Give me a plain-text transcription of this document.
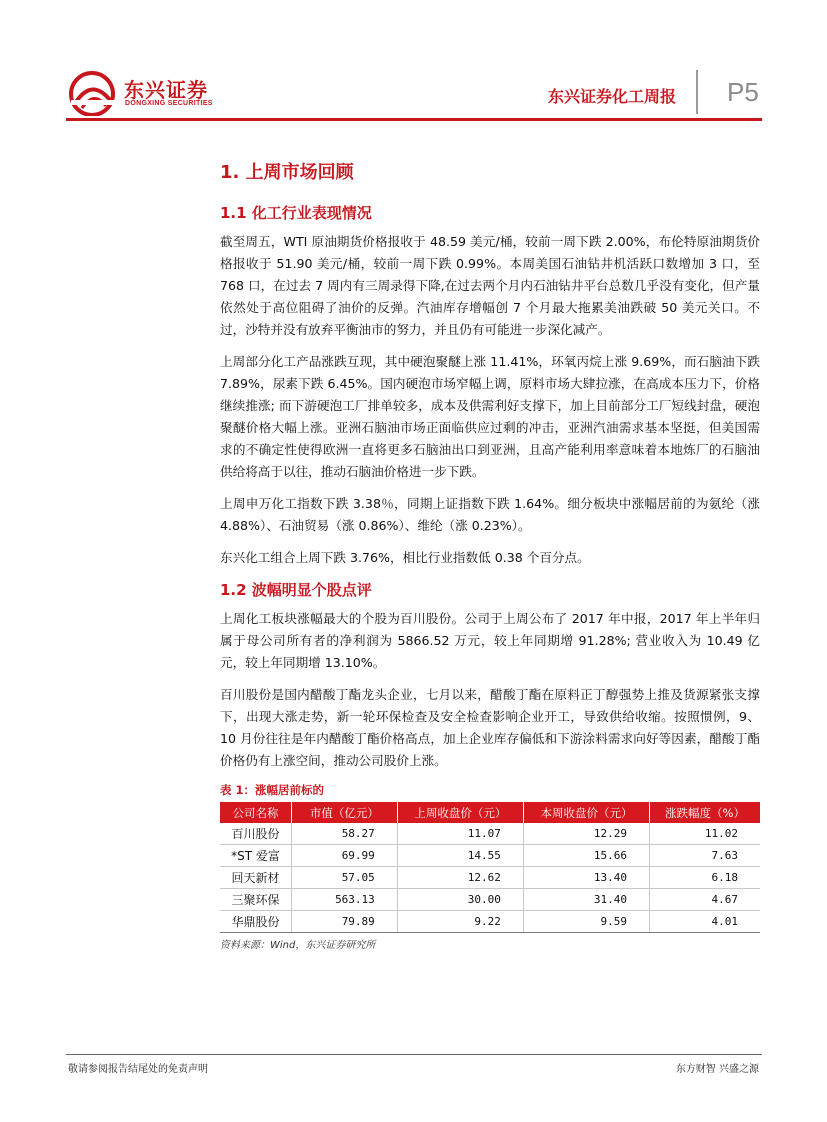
东兴证券
DONGXING SECURITIES	东兴证券化工周报 P5
1. 上周市场回顾
1.1 化工行业表现情况

截至周五，WTI 原油期货价格报收于 48.59 美元/桶，较前一周下跌 2.00%，布伦特原油期货价格报收于 51.90 美元/桶，较前一周下跌 0.99%。本周美国石油钻井机活跃口数增加 3 口，至 768 口，在过去 7 周内有三周录得下降,在过去两个月内石油钻井平台总数几乎没有变化，但产量依然处于高位阻碍了油价的反弹。汽油库存增幅创 7 个月最大拖累美油跌破 50 美元关口。不过，沙特并没有放弃平衡油市的努力，并且仍有可能进一步深化减产。

上周部分化工产品涨跌互现，其中硬泡聚醚上涨 11.41%，环氧丙烷上涨 9.69%，而石脑油下跌 7.89%，尿素下跌 6.45%。国内硬泡市场窄幅上调，原料市场大肆拉涨，在高成本压力下，价格继续推涨; 而下游硬泡工厂排单较多，成本及供需利好支撑下，加上目前部分工厂短线封盘，硬泡聚醚价格大幅上涨。亚洲石脑油市场正面临供应过剩的冲击，亚洲汽油需求基本坚挺，但美国需求的不确定性使得欧洲一直将更多石脑油出口到亚洲，且高产能利用率意味着本地炼厂的石脑油供给将高于以往，推动石脑油价格进一步下跌。

上周申万化工指数下跌 3.38％，同期上证指数下跌 1.64%。细分板块中涨幅居前的为氨纶（涨 4.88%）、石油贸易（涨 0.86%）、维纶（涨 0.23%）。

东兴化工组合上周下跌 3.76%，相比行业指数低 0.38 个百分点。

1.2 波幅明显个股点评

上周化工板块涨幅最大的个股为百川股份。公司于上周公布了 2017 年中报，2017 年上半年归属于母公司所有者的净利润为 5866.52 万元，较上年同期增 91.28%; 营业收入为 10.49 亿元，较上年同期增 13.10%。

百川股份是国内醋酸丁酯龙头企业，七月以来，醋酸丁酯在原料正丁醇强势上推及货源紧张支撑下，出现大涨走势，新一轮环保检查及安全检查影响企业开工，导致供给收缩。按照惯例，9、10 月份往往是年内醋酸丁酯价格高点，加上企业库存偏低和下游涂料需求向好等因素，醋酸丁酯价格仍有上涨空间，推动公司股价上涨。

表 1：涨幅居前标的
公司名称	市值（亿元）	上周收盘价（元）	本周收盘价（元）	涨跌幅度（%）
百川股份	58.27	11.07	12.29	11.02
*ST 爱富	69.99	14.55	15.66	7.63
回天新材	57.05	12.62	13.40	6.18
三聚环保	563.13	30.00	31.40	4.67
华鼎股份	79.89	9.22	9.59	4.01
资料来源：Wind，东兴证券研究所
敬请参阅报告结尾处的免责声明	东方财智 兴盛之源
